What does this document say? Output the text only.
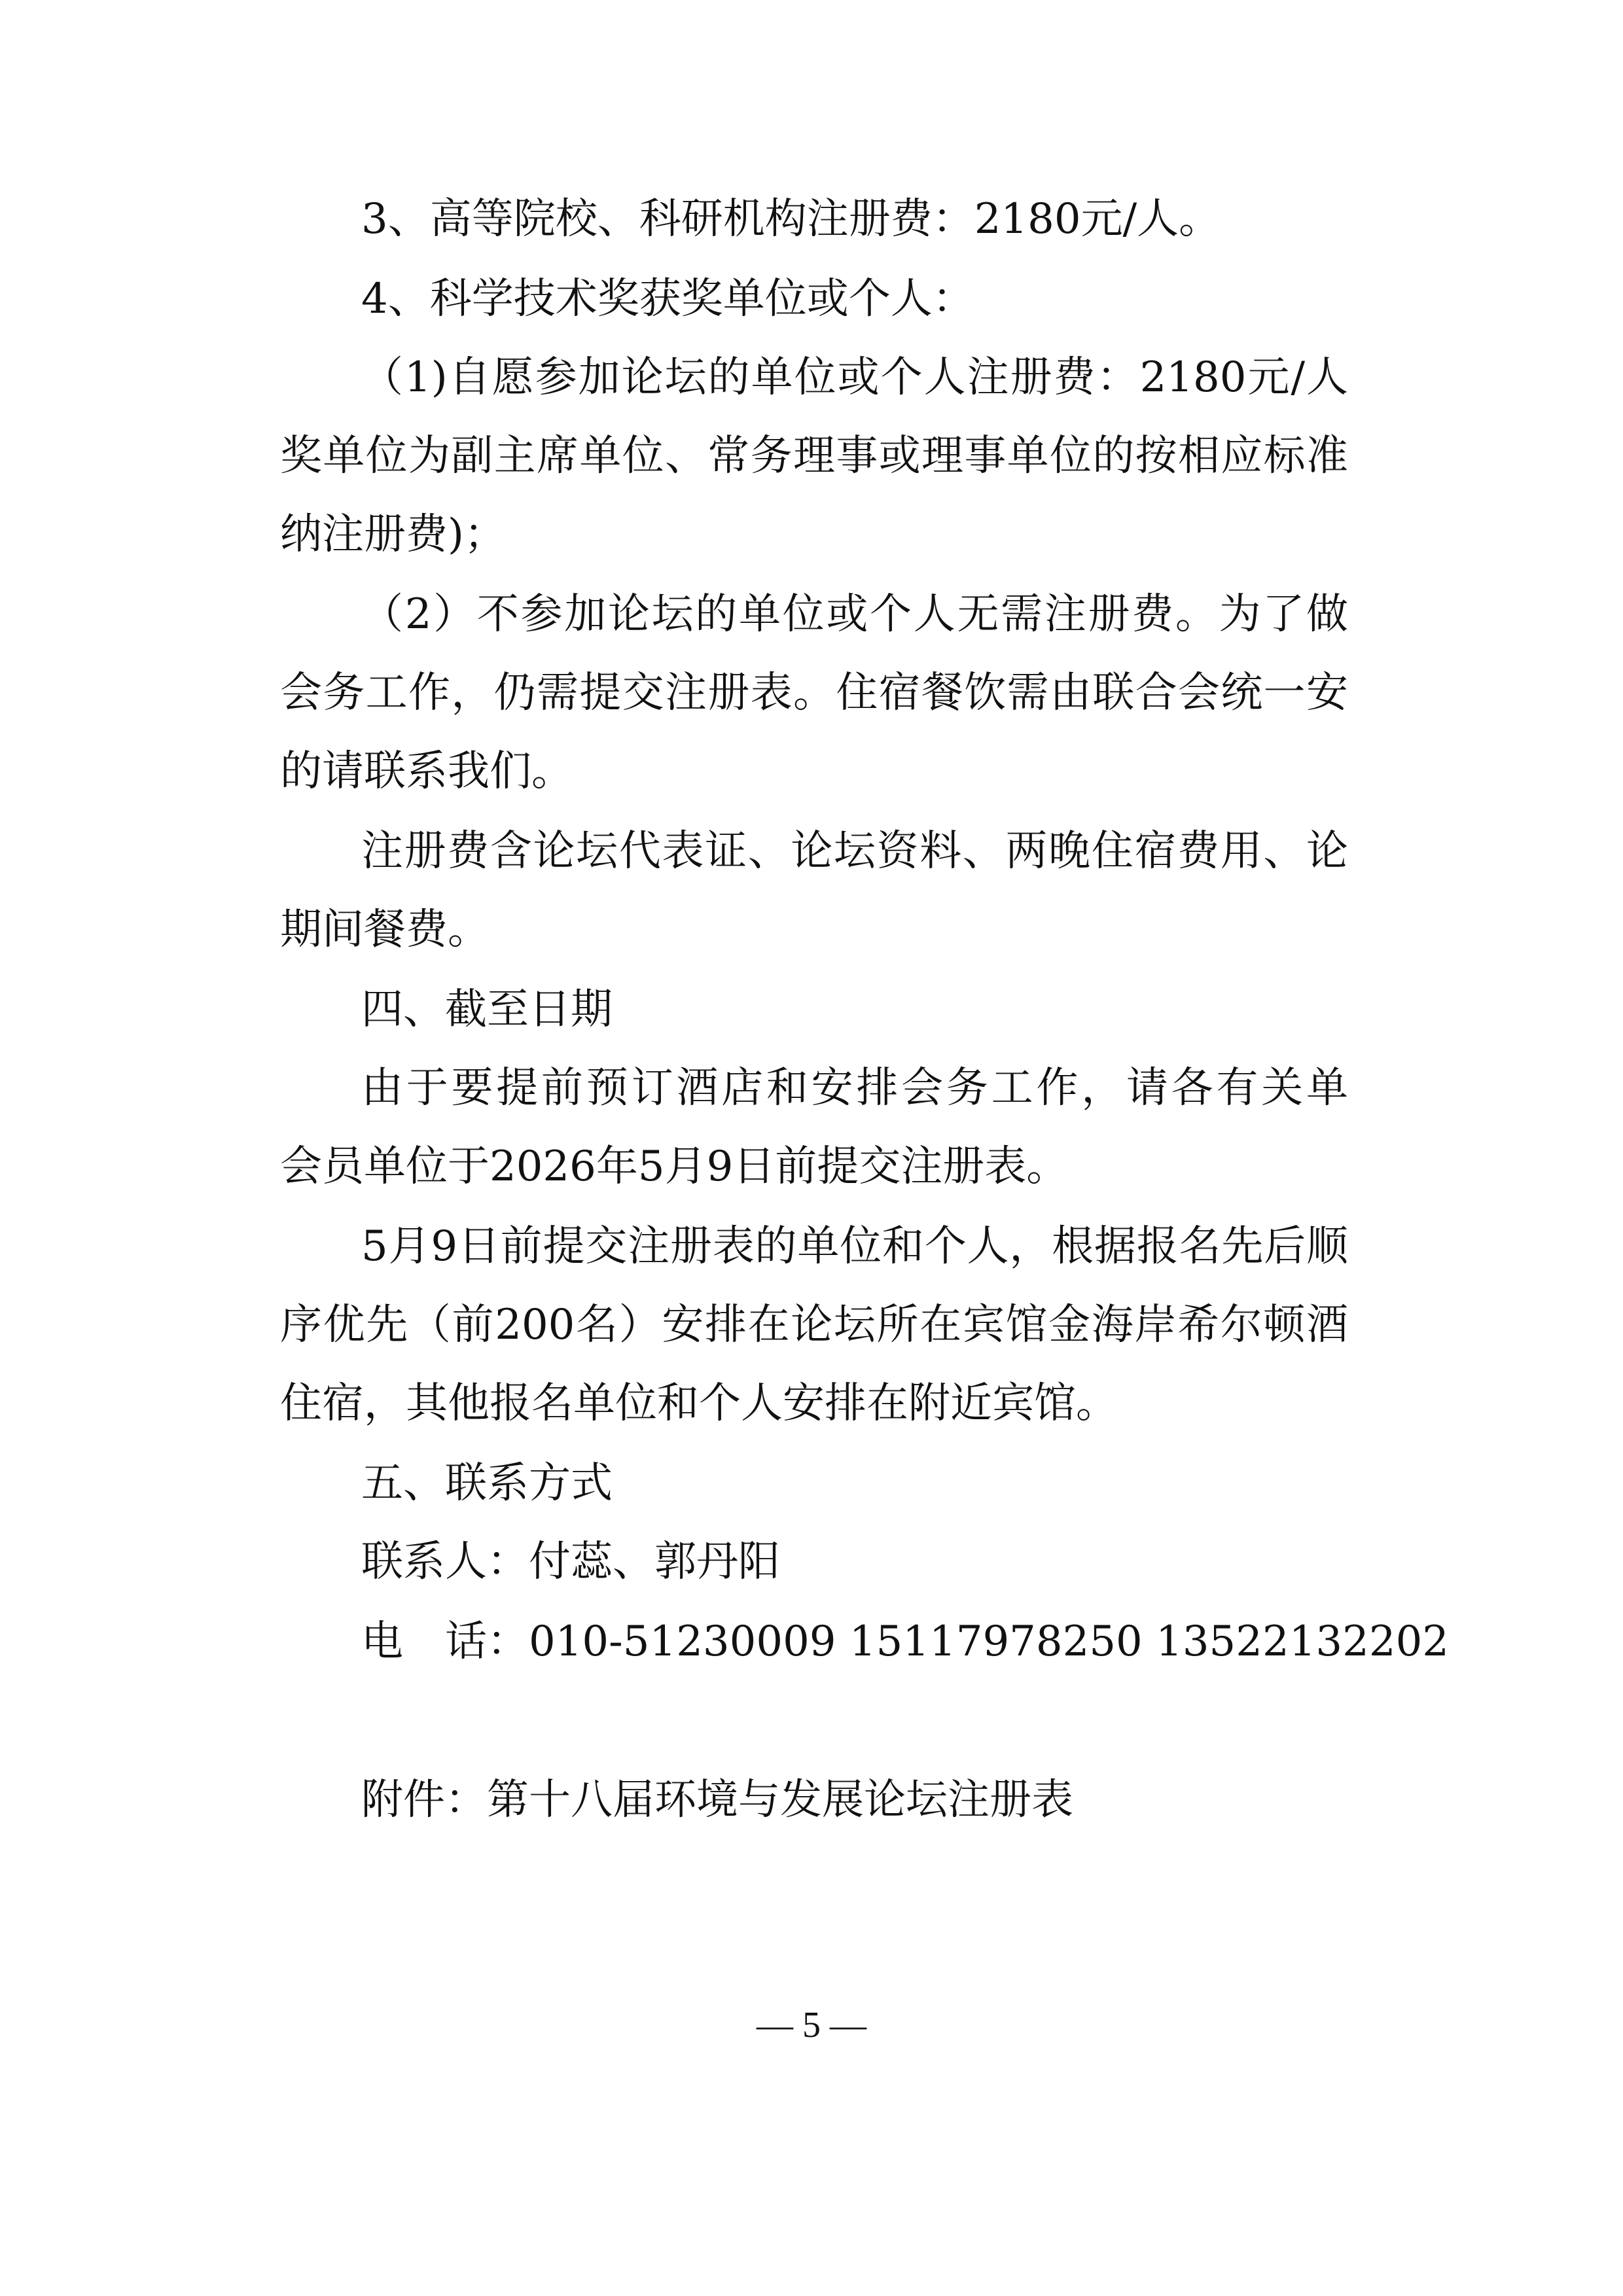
3、高等院校、科研机构注册费：2180元/人。
4、科学技术奖获奖单位或个人：
（1)自愿参加论坛的单位或个人注册费：2180元/人
奖单位为副主席单位、常务理事或理事单位的按相应标准
纳注册费)；
（2）不参加论坛的单位或个人无需注册费。为了做
会务工作，仍需提交注册表。住宿餐饮需由联合会统一安
的请联系我们。
注册费含论坛代表证、论坛资料、两晚住宿费用、论
期间餐费。
四、截至日期
由于要提前预订酒店和安排会务工作，请各有关单
会员单位于2026年5月9日前提交注册表。
5月9日前提交注册表的单位和个人，根据报名先后顺
序优先（前200名）安排在论坛所在宾馆金海岸希尔顿酒
住宿，其他报名单位和个人安排在附近宾馆。
五、联系方式
联系人：付蕊、郭丹阳
电　话：010-51230009 15117978250 13522132202
附件：第十八届环境与发展论坛注册表
— 5 —
